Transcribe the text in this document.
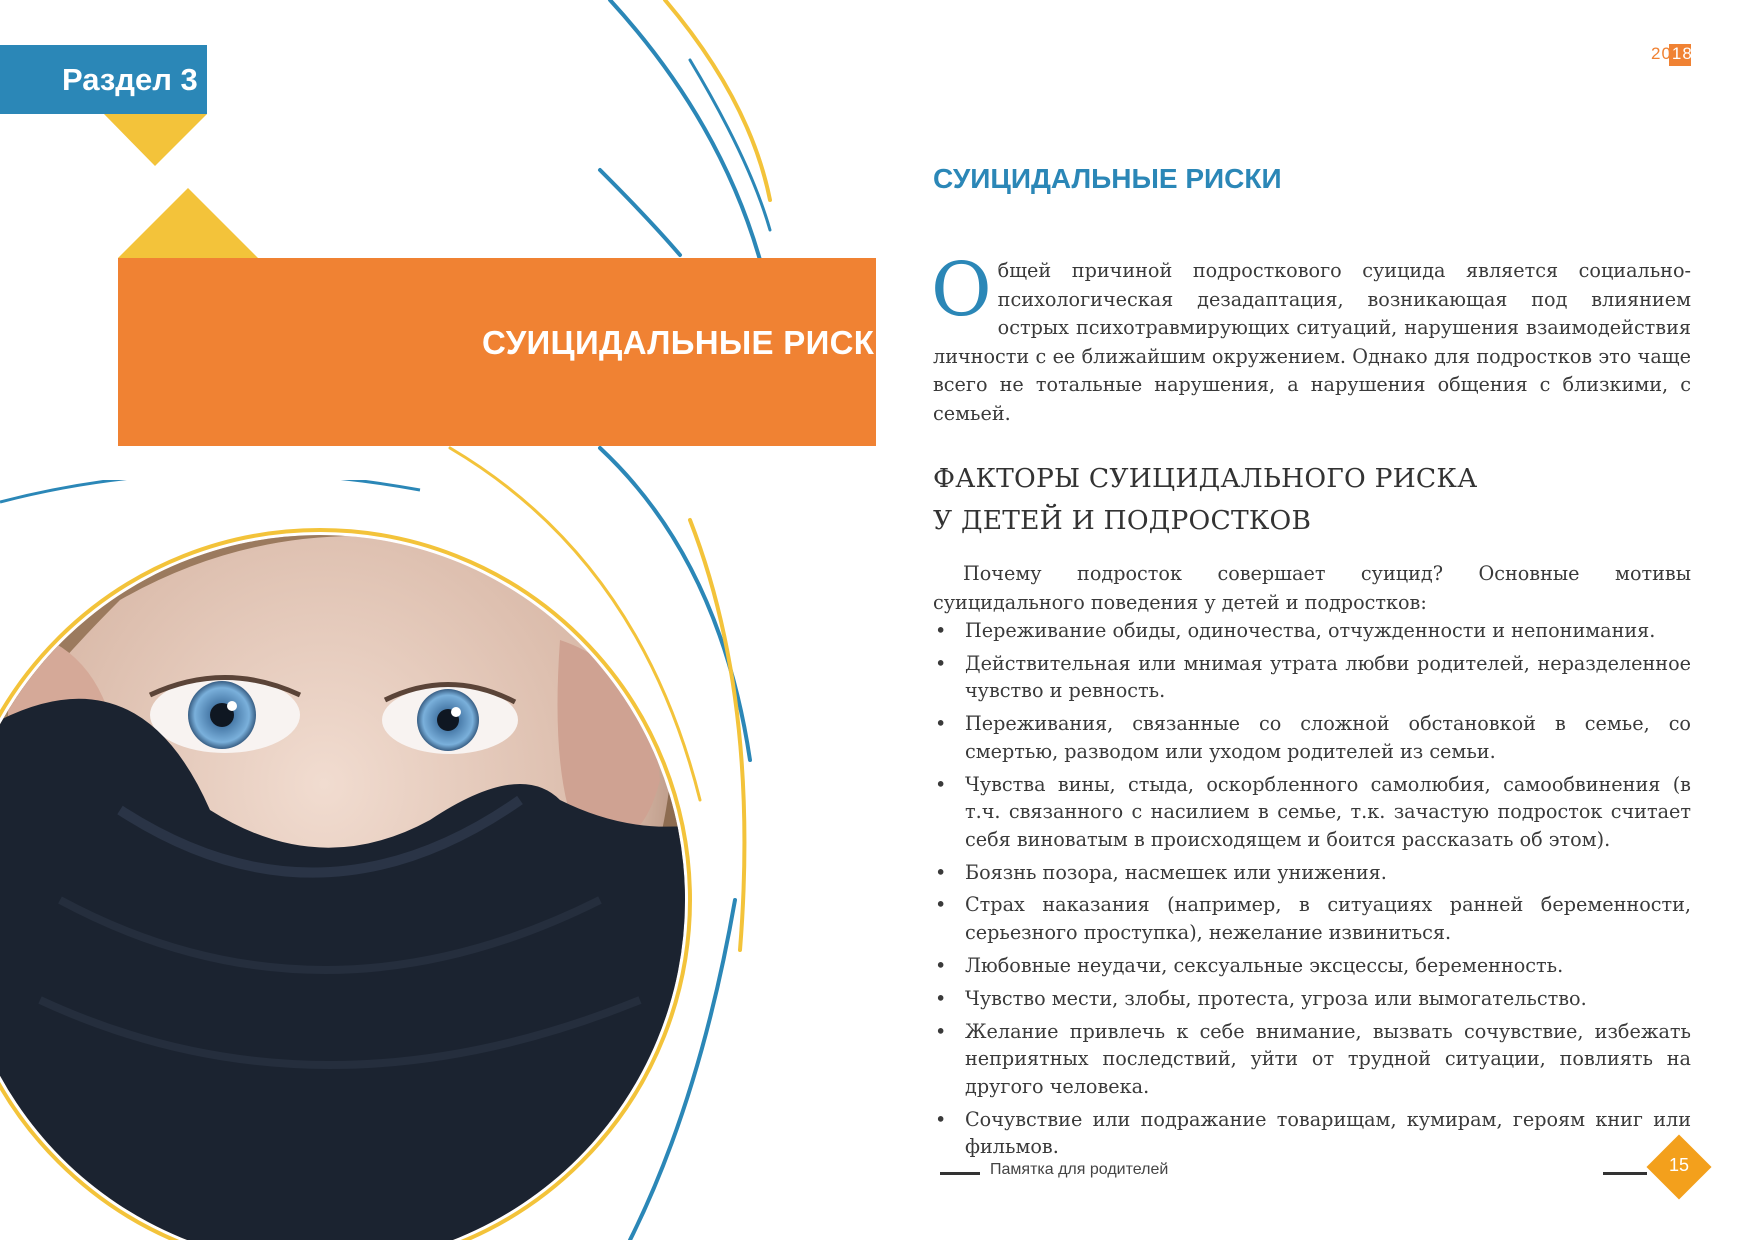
Раздел 3
СУИЦИДАЛЬНЫЕ РИСКИ
2018
СУИЦИДАЛЬНЫЕ РИСКИ
Общей причиной подросткового суицида является социально-психологическая дезадаптация, возникающая под влиянием острых психотравмирующих ситуаций, нарушения взаимодействия личности с ее ближайшим окружением. Однако для подростков это чаще всего не тотальные нарушения, а нарушения общения с близкими, с семьей.
ФАКТОРЫ СУИЦИДАЛЬНОГО РИСКА
У ДЕТЕЙ И ПОДРОСТКОВ
Почему подросток совершает суицид? Основные мотивы суицидального поведения у детей и подростков:
• Переживание обиды, одиночества, отчужденности и непонимания.
• Действительная или мнимая утрата любви родителей, неразделенное чувство и ревность.
• Переживания, связанные со сложной обстановкой в семье, со смертью, разводом или уходом родителей из семьи.
• Чувства вины, стыда, оскорбленного самолюбия, самообвинения (в т.ч. связанного с насилием в семье, т.к. зачастую подросток считает себя виноватым в происходящем и боится рассказать об этом).
• Боязнь позора, насмешек или унижения.
• Страх наказания (например, в ситуациях ранней беременности, серьезного проступка), нежелание извиниться.
• Любовные неудачи, сексуальные эксцессы, беременность.
• Чувство мести, злобы, протеста, угроза или вымогательство.
• Желание привлечь к себе внимание, вызвать сочувствие, избежать неприятных последствий, уйти от трудной ситуации, повлиять на другого человека.
• Сочувствие или подражание товарищам, кумирам, героям книг или фильмов.
Памятка для родителей	15
